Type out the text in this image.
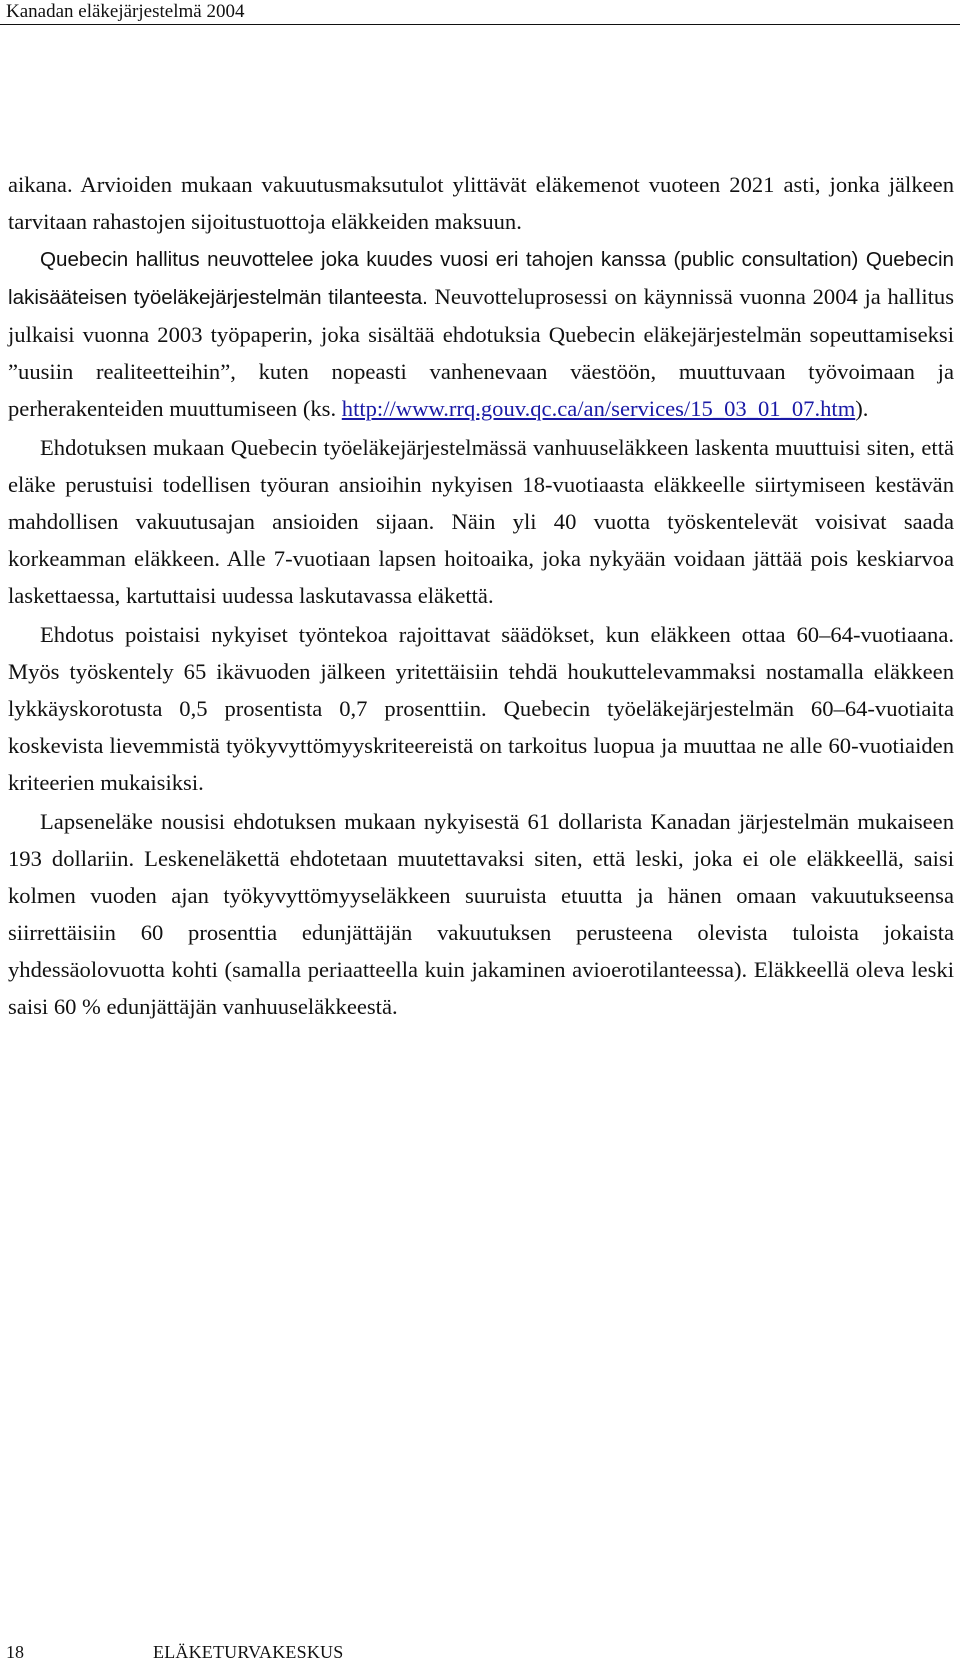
Kanadan eläkejärjestelmä 2004

aikana. Arvioiden mukaan vakuutusmaksutulot ylittävät eläkemenot vuoteen 2021 asti, jonka jälkeen tarvitaan rahastojen sijoitustuottoja eläkkeiden maksuun.
Quebecin hallitus neuvottelee joka kuudes vuosi eri tahojen kanssa (public consultation) Quebecin lakisääteisen työeläkejärjestelmän tilanteesta. Neuvotteluprosessi on käynnissä vuonna 2004 ja hallitus julkaisi vuonna 2003 työpaperin, joka sisältää ehdotuksia Quebecin eläkejärjestelmän sopeuttamiseksi ”uusiin realiteetteihin”, kuten nopeasti vanhenevaan väestöön, muuttuvaan työvoimaan ja perherakenteiden muuttumiseen (ks. http://www.rrq.gouv.qc.ca/an/services/15_03_01_07.htm).

Ehdotuksen mukaan Quebecin työeläkejärjestelmässä vanhuuseläkkeen laskenta muuttuisi siten, että eläke perustuisi todellisen työuran ansioihin nykyisen 18-vuotiaasta eläkkeelle siirtymiseen kestävän mahdollisen vakuutusajan ansioiden sijaan. Näin yli 40 vuotta työskentelevät voisivat saada korkeamman eläkkeen. Alle 7-vuotiaan lapsen hoitoaika, joka nykyään voidaan jättää pois keskiarvoa laskettaessa, kartuttaisi uudessa laskutavassa eläkettä.

Ehdotus poistaisi nykyiset työntekoa rajoittavat säädökset, kun eläkkeen ottaa 60–64-vuotiaana. Myös työskentely 65 ikävuoden jälkeen yritettäisiin tehdä houkuttelevammaksi nostamalla eläkkeen lykkäyskorotusta 0,5 prosentista 0,7 prosenttiin. Quebecin työeläkejärjestelmän 60–64-vuotiaita koskevista lievemmistä työkyvyttömyyskriteereistä on tarkoitus luopua ja muuttaa ne alle 60-vuotiaiden kriteerien mukaisiksi.

Lapseneläke nousisi ehdotuksen mukaan nykyisestä 61 dollarista Kanadan järjestelmän mukaiseen 193 dollariin. Leskeneläkettä ehdotetaan muutettavaksi siten, että leski, joka ei ole eläkkeellä, saisi kolmen vuoden ajan työkyvyttömyyseläkkeen suuruista etuutta ja hänen omaan vakuutukseensa siirrettäisiin 60 prosenttia edunjättäjän vakuutuksen perusteena olevista tuloista jokaista yhdessäolovuotta kohti (samalla periaatteella kuin jakaminen avioerotilanteessa). Eläkkeellä oleva leski saisi 60 % edunjättäjän vanhuuseläkkeestä.

18	ELÄKETURVAKESKUS
